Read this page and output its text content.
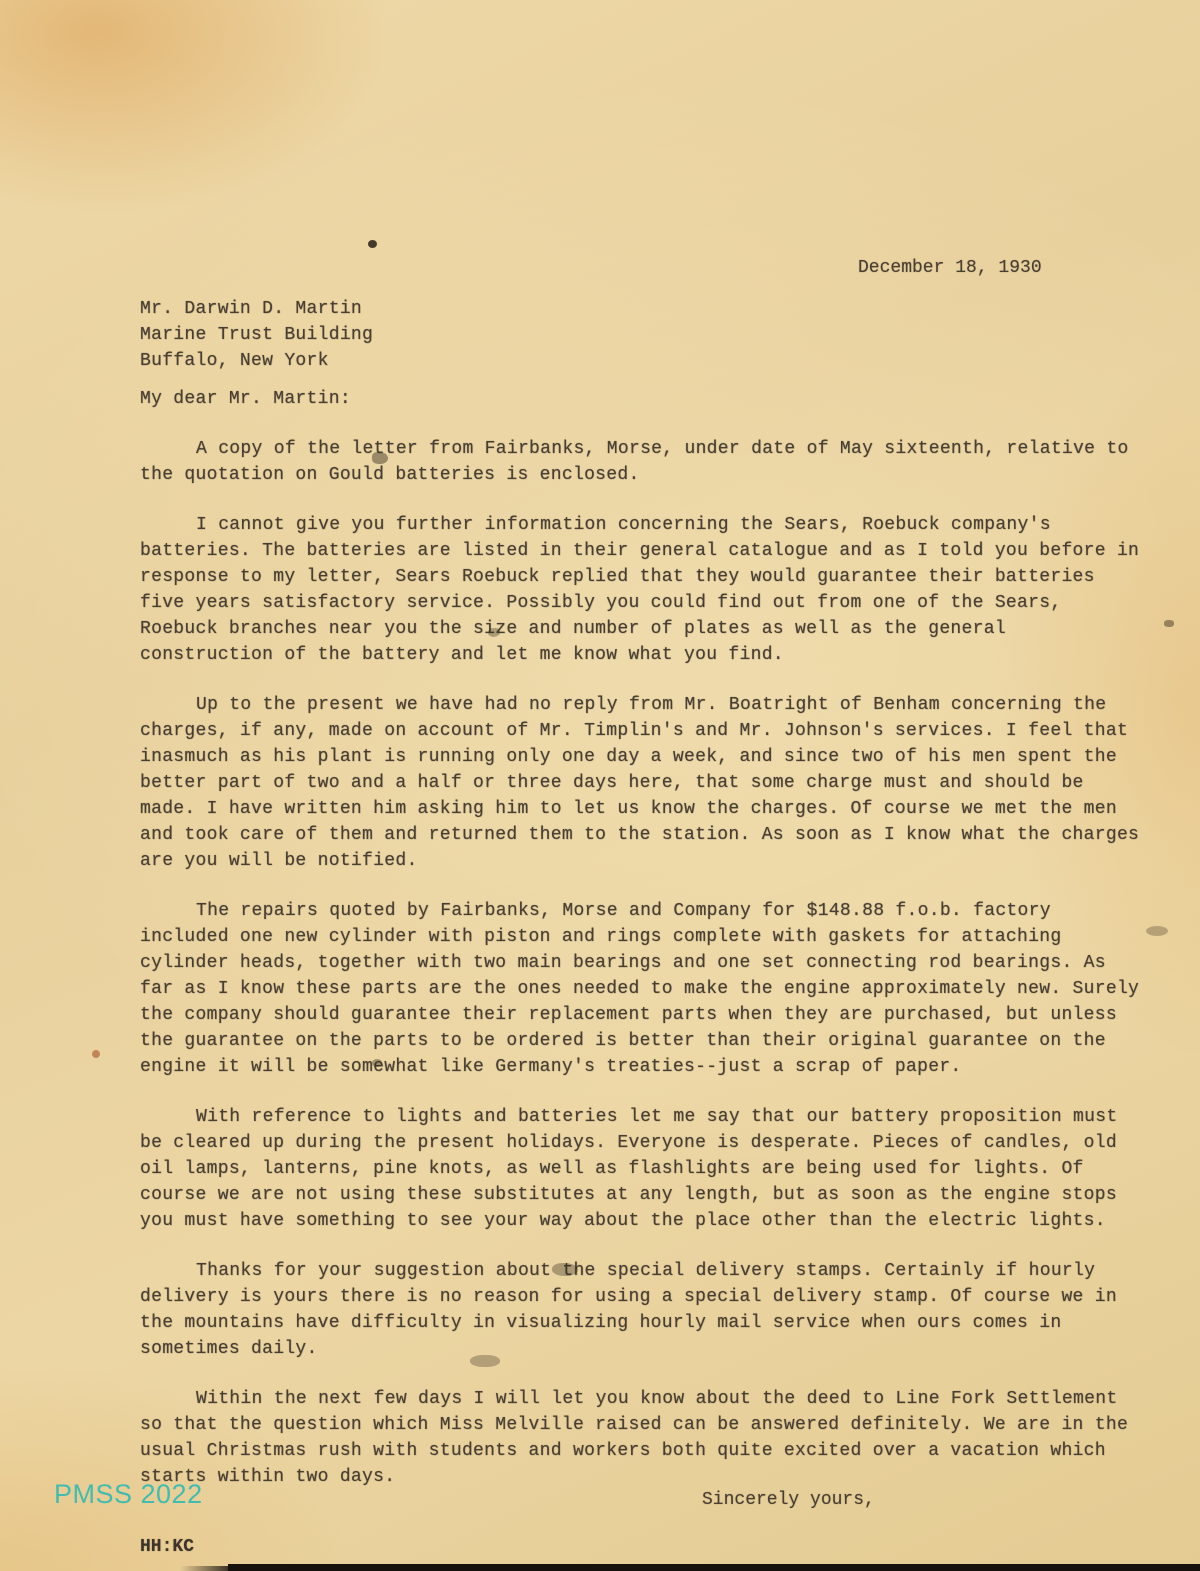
December 18, 1930
Mr. Darwin D. Martin
Marine Trust Building
Buffalo, New York
My dear Mr. Martin:

A copy of the letter from Fairbanks, Morse, under date of May sixteenth, relative to the quotation on Gould batteries is enclosed.

I cannot give you further information concerning the Sears, Roebuck company's batteries. The batteries are listed in their general catalogue and as I told you before in response to my letter, Sears Roebuck replied that they would guarantee their batteries five years satisfactory service. Possibly you could find out from one of the Sears, Roebuck branches near you the size and number of plates as well as the general construction of the battery and let me know what you find.

Up to the present we have had no reply from Mr. Boatright of Benham concerning the charges, if any, made on account of Mr. Timplin's and Mr. Johnson's services. I feel that inasmuch as his plant is running only one day a week, and since two of his men spent the better part of two and a half or three days here, that some charge must and should be made. I have written him asking him to let us know the charges. Of course we met the men and took care of them and returned them to the station. As soon as I know what the charges are you will be notified.

The repairs quoted by Fairbanks, Morse and Company for $148.88 f.o.b. factory included one new cylinder with piston and rings complete with gaskets for attaching cylinder heads, together with two main bearings and one set connecting rod bearings. As far as I know these parts are the ones needed to make the engine approximately new. Surely the company should guarantee their replacement parts when they are purchased, but unless the guarantee on the parts to be ordered is better than their original guarantee on the engine it will be somewhat like Germany's treaties--just a scrap of paper.

With reference to lights and batteries let me say that our battery proposition must be cleared up during the present holidays. Everyone is desperate. Pieces of candles, old oil lamps, lanterns, pine knots, as well as flashlights are being used for lights. Of course we are not using these substitutes at any length, but as soon as the engine stops you must have something to see your way about the place other than the electric lights.

Thanks for your suggestion about the special delivery stamps. Certainly if hourly delivery is yours there is no reason for using a special delivery stamp. Of course we in the mountains have difficulty in visualizing hourly mail service when ours comes in sometimes daily.

Within the next few days I will let you know about the deed to Line Fork Settlement so that the question which Miss Melville raised can be answered definitely. We are in the usual Christmas rush with students and workers both quite excited over a vacation which starts within two days.

Sincerely yours,
HH:KC
PMSS 2022
